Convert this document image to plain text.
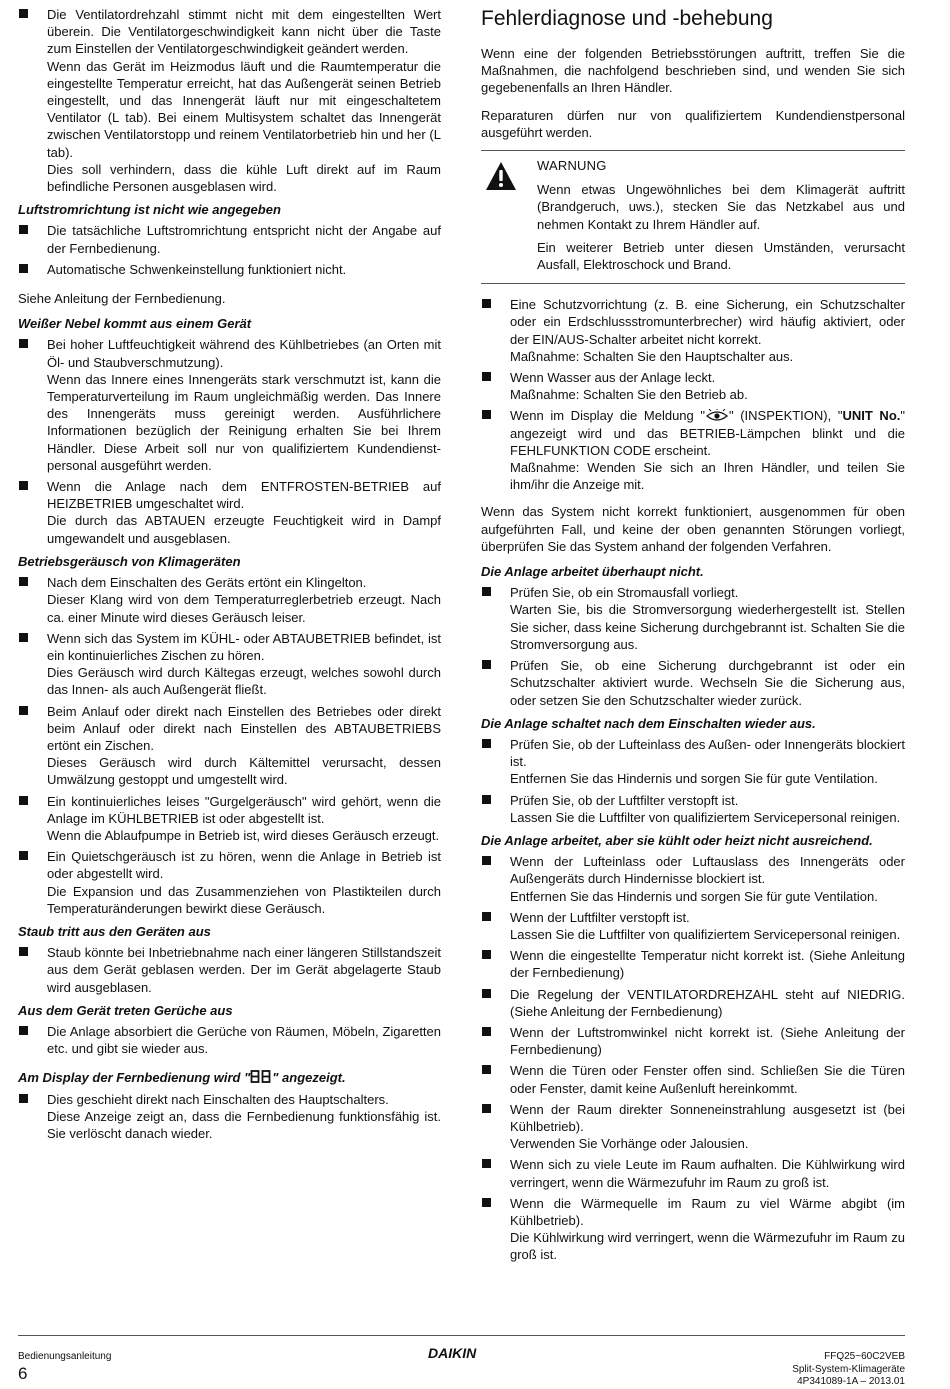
Die Ventilatordrehzahl stimmt nicht mit dem eingestellten Wert überein. Die Ventilatorgeschwindigkeit kann nicht über die Taste zum Einstellen der Ventilatorgeschwindigkeit geändert werden.

Wenn das Gerät im Heizmodus läuft und die Raumtemperatur die eingestellte Temperatur erreicht, hat das Außengerät seinen Betrieb eingestellt, und das Innengerät läuft nur mit eingeschaltetem Ventilator (L tab). Bei einem Multisystem schaltet das Innengerät zwischen Ventilatorstopp und reinem Ventilatorbetrieb hin und her (L tab).

Dies soll verhindern, dass die kühle Luft direkt auf im Raum befindliche Personen ausgeblasen wird.

Luftstromrichtung ist nicht wie angegeben

Die tatsächliche Luftstromrichtung entspricht nicht der Angabe auf der Fernbedienung.

Automatische Schwenkeinstellung funktioniert nicht.

Siehe Anleitung der Fernbedienung.

Weißer Nebel kommt aus einem Gerät

Bei hoher Luftfeuchtigkeit während des Kühlbetriebes (an Orten mit Öl- und Staubverschmutzung).

Wenn das Innere eines Innengeräts stark verschmutzt ist, kann die Temperaturverteilung im Raum ungleichmäßig werden. Das Innere des Innengeräts muss gereinigt werden. Ausführlichere Informationen bezüglich der Reinigung erhalten Sie bei Ihrem Händler. Diese Arbeit soll nur von qualifiziertem Kundendienst-personal ausgeführt werden.

Wenn die Anlage nach dem ENTFROSTEN-BETRIEB auf HEIZBETRIEB umgeschaltet wird.

Die durch das ABTAUEN erzeugte Feuchtigkeit wird in Dampf umgewandelt und ausgeblasen.

Betriebsgeräusch von Klimageräten

Nach dem Einschalten des Geräts ertönt ein Klingelton.

Dieser Klang wird von dem Temperaturreglerbetrieb erzeugt. Nach ca. einer Minute wird dieses Geräusch leiser.

Wenn sich das System im KÜHL- oder ABTAUBETRIEB befindet, ist ein kontinuierliches Zischen zu hören.

Dies Geräusch wird durch Kältegas erzeugt, welches sowohl durch das Innen- als auch Außengerät fließt.

Beim Anlauf oder direkt nach Einstellen des Betriebes oder direkt beim Anlauf oder direkt nach Einstellen des ABTAUBETRIEBS ertönt ein Zischen.

Dieses Geräusch wird durch Kältemittel verursacht, dessen Umwälzung gestoppt und umgestellt wird.

Ein kontinuierliches leises "Gurgelgeräusch" wird gehört, wenn die Anlage im KÜHLBETRIEB ist oder abgestellt ist.

Wenn die Ablaufpumpe in Betrieb ist, wird dieses Geräusch erzeugt.

Ein Quietschgeräusch ist zu hören, wenn die Anlage in Betrieb ist oder abgestellt wird.

Die Expansion und das Zusammenziehen von Plastikteilen durch Temperaturänderungen bewirkt diese Geräusch.

Staub tritt aus den Geräten aus

Staub könnte bei Inbetriebnahme nach einer längeren Stillstandszeit aus dem Gerät geblasen werden. Der im Gerät abgelagerte Staub wird ausgeblasen.

Aus dem Gerät treten Gerüche aus

Die Anlage absorbiert die Gerüche von Räumen, Möbeln, Zigaretten etc. und gibt sie wieder aus.

Am Display der Fernbedienung wird " " angezeigt.

Dies geschieht direkt nach Einschalten des Hauptschalters.

Diese Anzeige zeigt an, dass die Fernbedienung funktionsfähig ist. Sie verlöscht danach wieder.

Fehlerdiagnose und -behebung

Wenn eine der folgenden Betriebsstörungen auftritt, treffen Sie die Maßnahmen, die nachfolgend beschrieben sind, und wenden Sie sich gegebenenfalls an Ihren Händler.

Reparaturen dürfen nur von qualifiziertem Kundendienstpersonal ausgeführt werden.

WARNUNG

Wenn etwas Ungewöhnliches bei dem Klimagerät auftritt (Brandgeruch, uws.), stecken Sie das Netzkabel aus und nehmen Kontakt zu Ihrem Händler auf.

Ein weiterer Betrieb unter diesen Umständen, verursacht Ausfall, Elektroschock und Brand.

Eine Schutzvorrichtung (z. B. eine Sicherung, ein Schutzschalter oder ein Erdschlussstromunterbrecher) wird häufig aktiviert, oder der EIN/AUS-Schalter arbeitet nicht korrekt.

Maßnahme: Schalten Sie den Hauptschalter aus.

Wenn Wasser aus der Anlage leckt.

Maßnahme: Schalten Sie den Betrieb ab.

Wenn im Display die Meldung " " (INSPEKTION), "UNIT No." angezeigt wird und das BETRIEB-Lämpchen blinkt und die FEHLFUNKTION CODE erscheint.

Maßnahme: Wenden Sie sich an Ihren Händler, und teilen Sie ihm/ihr die Anzeige mit.

Wenn das System nicht korrekt funktioniert, ausgenommen für oben aufgeführten Fall, und keine der oben genannten Störungen vorliegt, überprüfen Sie das System anhand der folgenden Verfahren.

Die Anlage arbeitet überhaupt nicht.

Prüfen Sie, ob ein Stromausfall vorliegt.

Warten Sie, bis die Stromversorgung wiederhergestellt ist. Stellen Sie sicher, dass keine Sicherung durchgebrannt ist. Schalten Sie die Stromversorgung aus.

Prüfen Sie, ob eine Sicherung durchgebrannt ist oder ein Schutzschalter aktiviert wurde. Wechseln Sie die Sicherung aus, oder setzen Sie den Schutzschalter wieder zurück.

Die Anlage schaltet nach dem Einschalten wieder aus.

Prüfen Sie, ob der Lufteinlass des Außen- oder Innengeräts blockiert ist.

Entfernen Sie das Hindernis und sorgen Sie für gute Ventilation.

Prüfen Sie, ob der Luftfilter verstopft ist.

Lassen Sie die Luftfilter von qualifiziertem Servicepersonal reinigen.

Die Anlage arbeitet, aber sie kühlt oder heizt nicht ausreichend.

Wenn der Lufteinlass oder Luftauslass des Innengeräts oder Außengeräts durch Hindernisse blockiert ist.

Entfernen Sie das Hindernis und sorgen Sie für gute Ventilation.

Wenn der Luftfilter verstopft ist.

Lassen Sie die Luftfilter von qualifiziertem Servicepersonal reinigen.

Wenn die eingestellte Temperatur nicht korrekt ist. (Siehe Anleitung der Fernbedienung)

Die Regelung der VENTILATORDREHZAHL steht auf NIEDRIG. (Siehe Anleitung der Fernbedienung)

Wenn der Luftstromwinkel nicht korrekt ist. (Siehe Anleitung der Fernbedienung)

Wenn die Türen oder Fenster offen sind. Schließen Sie die Türen oder Fenster, damit keine Außenluft hereinkommt.

Wenn der Raum direkter Sonneneinstrahlung ausgesetzt ist (bei Kühlbetrieb).

Verwenden Sie Vorhänge oder Jalousien.

Wenn sich zu viele Leute im Raum aufhalten. Die Kühlwirkung wird verringert, wenn die Wärmezufuhr im Raum zu groß ist.

Wenn die Wärmequelle im Raum zu viel Wärme abgibt (im Kühlbetrieb).

Die Kühlwirkung wird verringert, wenn die Wärmezufuhr im Raum zu groß ist.

Bedienungsanleitung
6
DAIKIN	FFQ25~60C2VEB
Split-System-Klimageräte
4P341089-1A – 2013.01
